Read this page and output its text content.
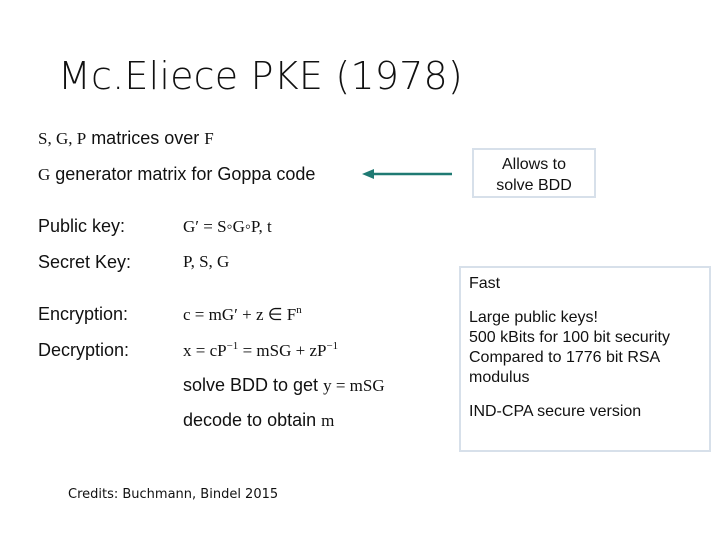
Mc.Eliece PKE (1978)
S, G, P matrices over F
G generator matrix for Goppa code	Allows to
solve BDD
Public key:	G′ = S◦G◦P, t
Secret Key:	P, S, G
Encryption:	c = mG′ + z ∈ $F^n$
Decryption:	$x = cP^{-1}$ = mSG + $zP^{-1}$
solve BDD to get y = mSG
decode to obtain m
Fast
Large public keys!
500 kBits for 100 bit security
Compared to 1776 bit RSA
modulus
IND-CPA secure version
Credits: Buchmann, Bindel 2015
